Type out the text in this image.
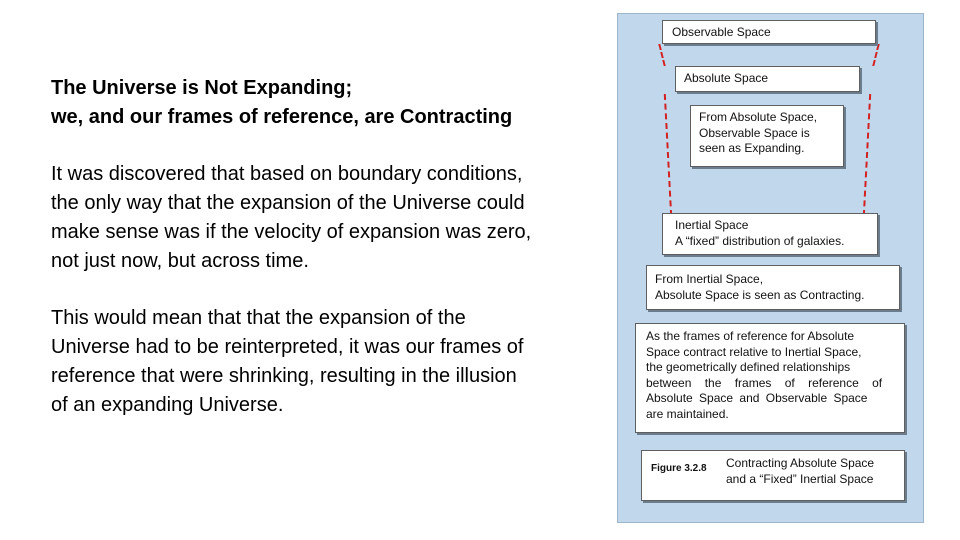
The Universe is Not Expanding;
we, and our frames of reference, are Contracting
It was discovered that based on boundary conditions,
the only way that the expansion of the Universe could
make sense was if the velocity of expansion was zero,
not just now, but across time.
This would mean that that the expansion of the
Universe had to be reinterpreted, it was our frames of
reference that were shrinking, resulting in the illusion
of an expanding Universe.
Observable Space
Absolute Space
From Absolute Space,
Observable Space is
seen as Expanding.
Inertial Space
A “fixed” distribution of galaxies.
From Inertial Space,
Absolute Space is seen as Contracting.
As the frames of reference for Absolute
Space contract relative to Inertial Space,
the geometrically defined relationships
between the frames of reference of
Absolute Space and Observable Space
are maintained.
Figure 3.2.8 Contracting Absolute Space
and a “Fixed” Inertial Space
